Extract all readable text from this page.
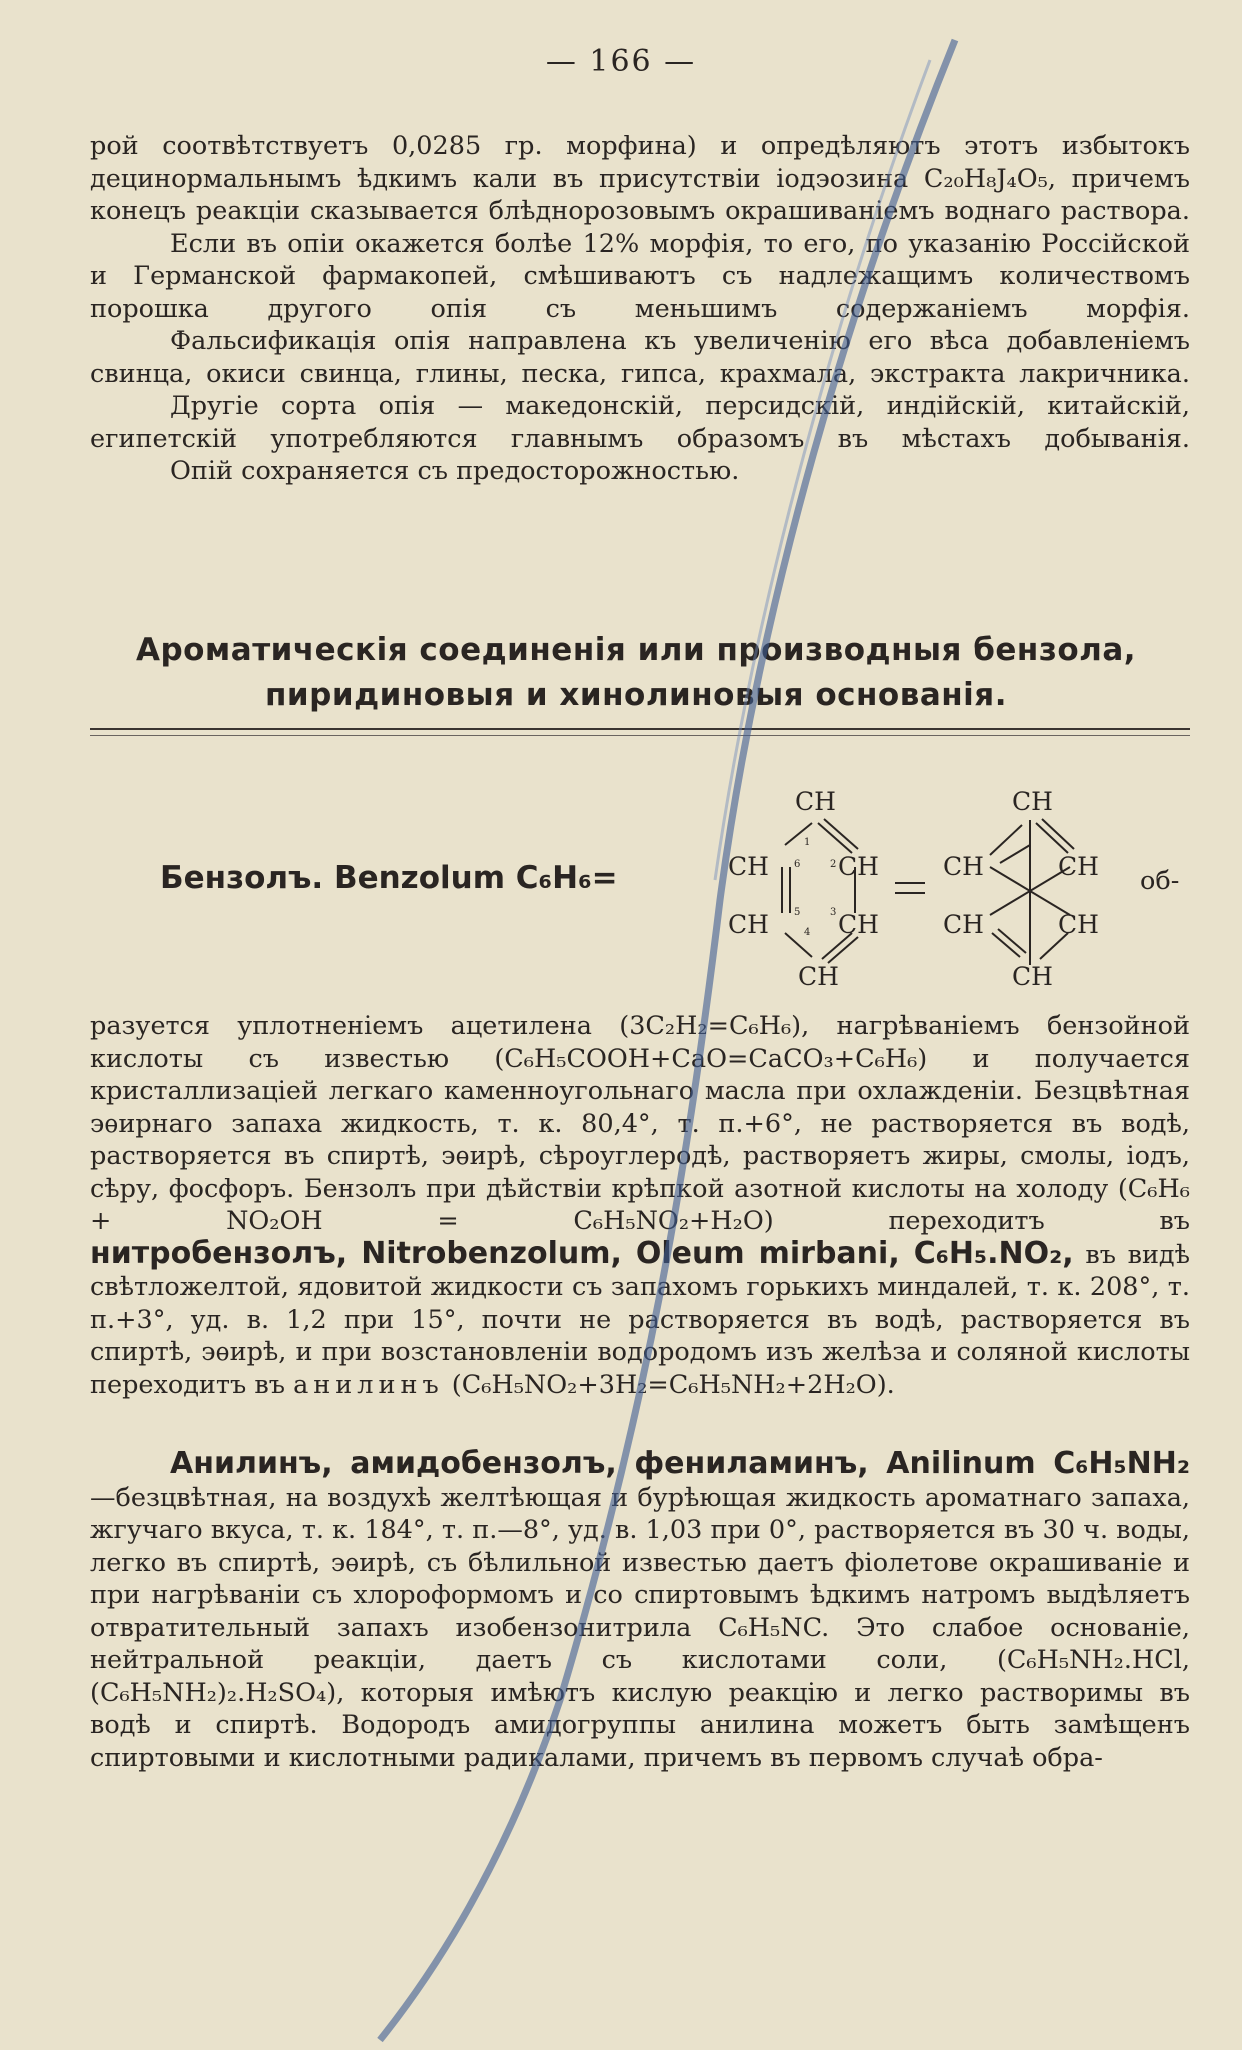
— 166 —

рой соотвѣтствуетъ 0,0285 гр. морфина) и опредѣляютъ этотъ избытокъ децинормальнымъ ѣдкимъ кали въ присутствіи іодэозина C₂₀H₈J₄O₅, причемъ конецъ реакціи сказывается блѣднорозовымъ окрашиваніемъ воднаго раствора.

Если въ опіи окажется болѣе 12% морфія, то его, по указанію Россійской и Германской фармакопей, смѣшиваютъ съ надлежащимъ количествомъ порошка другого опія съ меньшимъ содержаніемъ морфія.

Фальсификація опія направлена къ увеличенію его вѣса добавленіемъ свинца, окиси свинца, глины, песка, гипса, крахмала, экстракта лакричника.

Другіе сорта опія — македонскій, персидскій, индійскій, китайскій, египетскій употребляются главнымъ образомъ въ мѣстахъ добыванія.

Опій сохраняется съ предосторожностью.

Ароматическія соединенія или производныя бензола,
пиридиновыя и хинолиновыя основанія.
Бензолъ. Benzolum C₆H₆=	об-
CH
CH	CH
CH	CH
CH
CH
CH	CH
CH	CH
CH
1
2
3
4
5
6

разуется уплотненіемъ ацетилена (3C₂H₂=C₆H₆), нагрѣваніемъ бензойной кислоты съ известью (C₆H₅COOH+CaO=CaCO₃+C₆H₆) и получается кристаллизаціей легкаго каменноугольнаго масла при охлажденіи. Безцвѣтная эѳирнаго запаха жидкость, т. к. 80,4°, т. п.+6°, не растворяется въ водѣ, растворяется въ спиртѣ, эѳирѣ, сѣроуглеродѣ, растворяетъ жиры, смолы, іодъ, сѣру, фосфоръ. Бензолъ при дѣйствіи крѣпкой азотной кислоты на холоду (C₆H₆ + NO₂OH = C₆H₅NO₂+H₂O) переходитъ въ

нитробензолъ, Nitrobenzolum, Oleum mirbani, C₆H₅.NO₂, въ видѣ свѣтложелтой, ядовитой жидкости съ запахомъ горькихъ миндалей, т. к. 208°, т. п.+3°, уд. в. 1,2 при 15°, почти не растворяется въ водѣ, растворяется въ спиртѣ, эѳирѣ, и при возстановленіи водородомъ изъ желѣза и соляной кислоты переходитъ въ анилинъ (C₆H₅NO₂+3H₂=C₆H₅NH₂+2H₂O).

Анилинъ, амидобензолъ, фениламинъ, Anilinum C₆H₅NH₂ —безцвѣтная, на воздухѣ желтѣющая и бурѣющая жидкость ароматнаго запаха, жгучаго вкуса, т. к. 184°, т. п.—8°, уд. в. 1,03 при 0°, растворяется въ 30 ч. воды, легко въ спиртѣ, эѳирѣ, съ бѣлильной известью даетъ фіолетове окрашиваніе и при нагрѣваніи съ хлороформомъ и со спиртовымъ ѣдкимъ натромъ выдѣляетъ отвратительный запахъ изобензонитрила C₆H₅NC. Это слабое основаніе, нейтральной реакціи, даетъ съ кислотами соли, (C₆H₅NH₂.HCl,(C₆H₅NH₂)₂.H₂SO₄), которыя имѣютъ кислую реакцію и легко растворимы въ водѣ и спиртѣ. Водородъ амидогруппы анилина можетъ быть замѣщенъ спиртовыми и кислотными радикалами, причемъ въ первомъ случаѣ обра-
